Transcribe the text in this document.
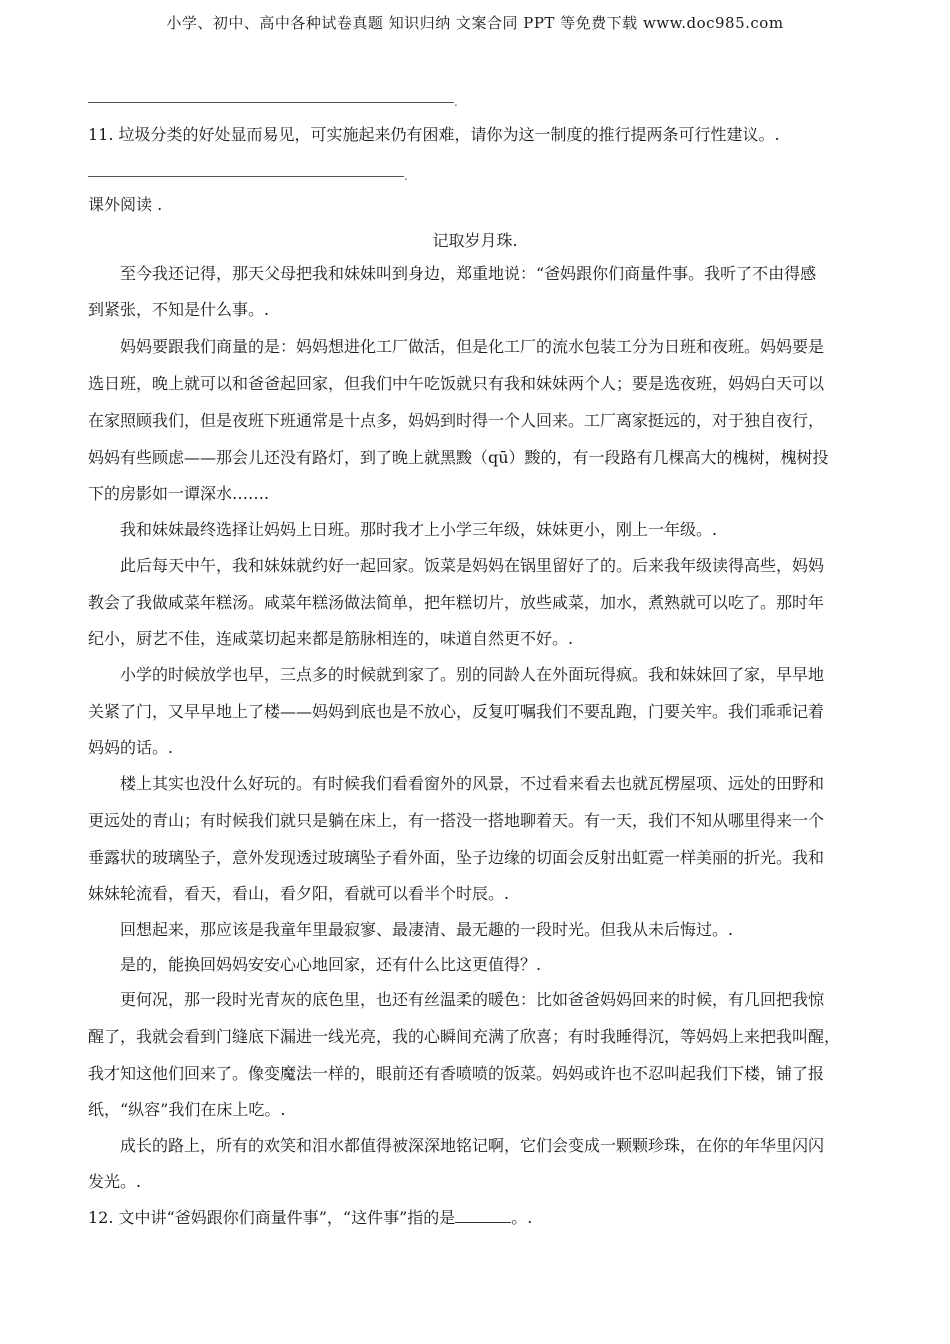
小学、初中、高中各种试卷真题 知识归纳 文案合同 PPT 等免费下载 www.doc985.com
.
11. 垃圾分类的好处显而易见，可实施起来仍有困难，请你为这一制度的推行提两条可行性建议。.
.
课外阅读 .
记取岁月珠.
至今我还记得，那天父母把我和妹妹叫到身边，郑重地说：“爸妈跟你们商量件事。我听了不由得感
到紧张，不知是什么事。.
妈妈要跟我们商量的是：妈妈想进化工厂做活，但是化工厂的流水包装工分为日班和夜班。妈妈要是
选日班，晚上就可以和爸爸起回家，但我们中午吃饭就只有我和妹妹两个人；要是选夜班，妈妈白天可以
在家照顾我们，但是夜班下班通常是十点多，妈妈到时得一个人回来。工厂离家挺远的，对于独自夜行，
妈妈有些顾虑——那会儿还没有路灯，到了晚上就黑黢（qū）黢的，有一段路有几棵高大的槐树，槐树投
下的房影如一谭深水…….
我和妹妹最终选择让妈妈上日班。那时我才上小学三年级，妹妹更小，刚上一年级。.
此后每天中午，我和妹妹就约好一起回家。饭菜是妈妈在锅里留好了的。后来我年级读得高些，妈妈
教会了我做咸菜年糕汤。咸菜年糕汤做法简单，把年糕切片，放些咸菜，加水，煮熟就可以吃了。那时年
纪小，厨艺不佳，连咸菜切起来都是筋脉相连的，味道自然更不好。.
小学的时候放学也早，三点多的时候就到家了。别的同龄人在外面玩得疯。我和妹妹回了家，早早地
关紧了门，又早早地上了楼——妈妈到底也是不放心，反复叮嘱我们不要乱跑，门要关牢。我们乖乖记着
妈妈的话。.
楼上其实也没什么好玩的。有时候我们看看窗外的风景，不过看来看去也就瓦楞屋项、远处的田野和
更远处的青山；有时候我们就只是躺在床上，有一搭没一搭地聊着天。有一天，我们不知从哪里得来一个
垂露状的玻璃坠子，意外发现透过玻璃坠子看外面，坠子边缘的切面会反射出虹霓一样美丽的折光。我和
妹妹轮流看，看天，看山，看夕阳，看就可以看半个时辰。.
回想起来，那应该是我童年里最寂寥、最凄清、最无趣的一段时光。但我从未后悔过。.
是的，能换回妈妈安安心心地回家，还有什么比这更值得？.
更何况，那一段时光青灰的底色里，也还有丝温柔的暖色：比如爸爸妈妈回来的时候，有几回把我惊
醒了，我就会看到门缝底下漏进一线光亮，我的心瞬间充满了欣喜；有时我睡得沉，等妈妈上来把我叫醒，
我才知这他们回来了。像变魔法一样的，眼前还有香喷喷的饭菜。妈妈或许也不忍叫起我们下楼，铺了报
纸，“纵容”我们在床上吃。.
成长的路上，所有的欢笑和泪水都值得被深深地铭记啊，它们会变成一颗颗珍珠，在你的年华里闪闪
发光。.
12. 文中讲“爸妈跟你们商量件事”，“这件事”指的是	。.
